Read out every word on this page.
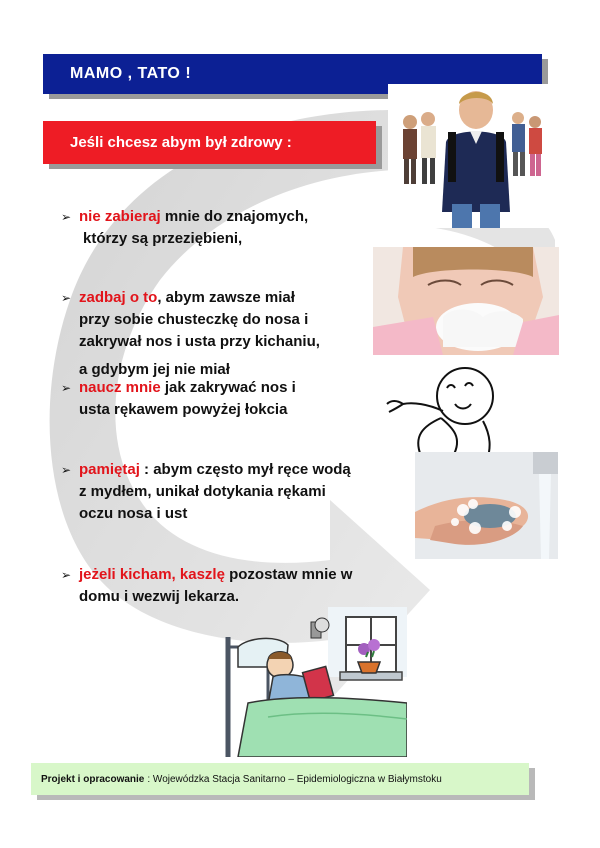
MAMO , TATO !
Jeśli chcesz abym był zdrowy :
➢ nie zabieraj mnie do znajomych,
którzy są przeziębieni,
➢ zadbaj o to, abym zawsze miał
przy sobie chusteczkę do nosa i
zakrywał nos i usta przy kichaniu,

a gdybym jej nie miał
➢ naucz mnie jak zakrywać nos i
usta rękawem powyżej łokcia
➢ pamiętaj : abym często mył ręce wodą
z mydłem, unikał dotykania rękami
oczu nosa i ust
➢ jeżeli kicham, kaszlę pozostaw mnie w
domu i wezwij lekarza.
Projekt i opracowanie : Wojewódzka Stacja Sanitarno – Epidemiologiczna w Białymstoku
